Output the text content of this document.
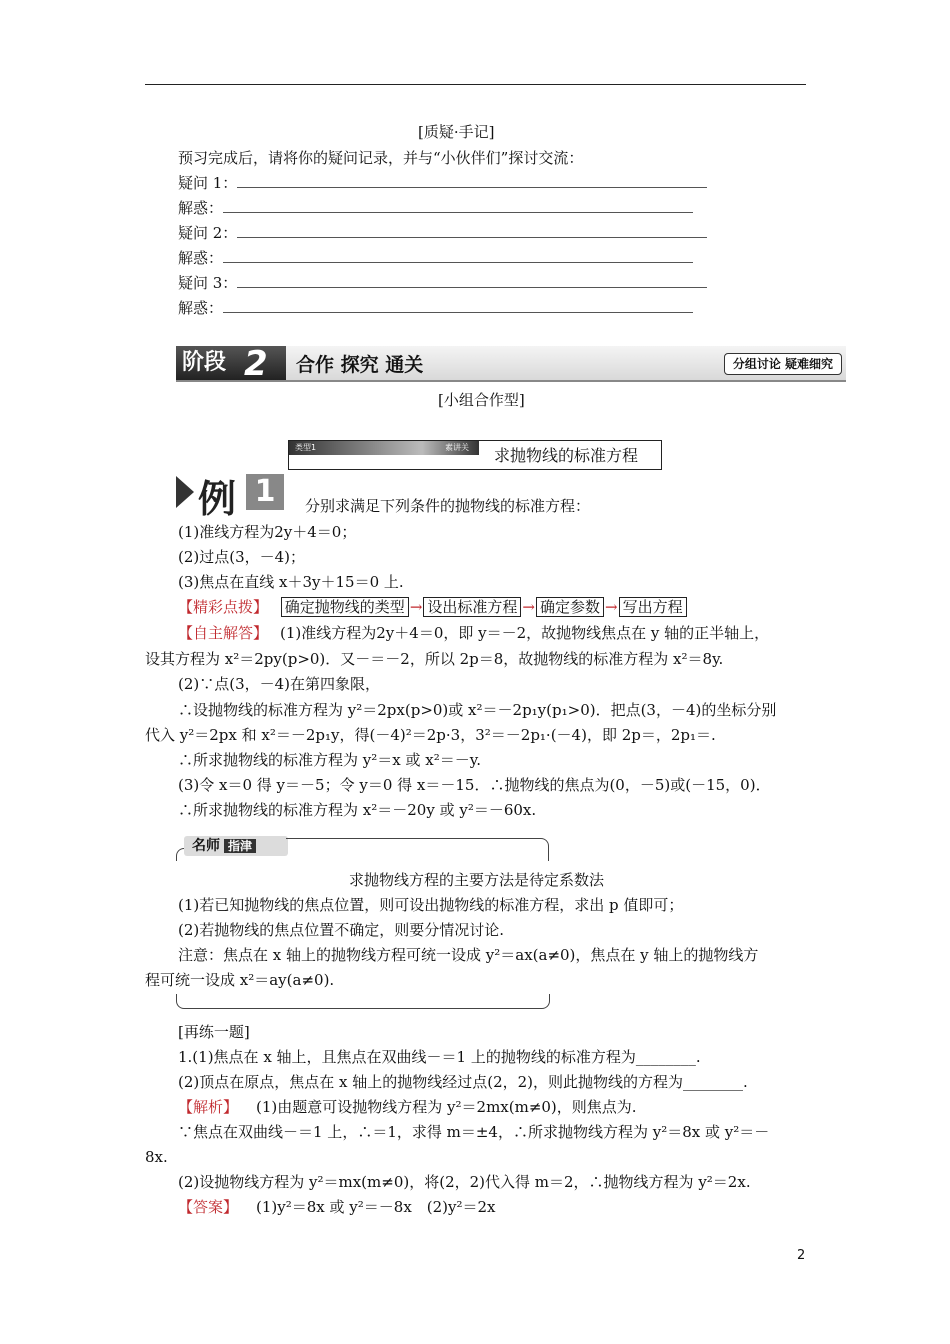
[质疑·手记]
预习完成后，请将你的疑问记录，并与“小伙伴们”探讨交流：
疑问 1：
解惑：
疑问 2：
解惑：
疑问 3：
解惑：
阶段 2 合作 探究 通关	分组讨论 疑难细究
[小组合作型]
类型1	素讲关 求抛物线的标准方程
例 1	分别求满足下列条件的抛物线的标准方程：
(1)准线方程为2y＋4＝0；
(2)过点(3，－4)；
(3)焦点在直线 x＋3y＋15＝0 上.
【精彩点拨】 确定抛物线的类型 → 设出标准方程 → 确定参数 → 写出方程
【自主解答】 (1)准线方程为2y＋4＝0，即 y＝－2，故抛物线焦点在 y 轴的正半轴上，
设其方程为 x²＝2py(p>0)．又－＝－2，所以 2p＝8，故抛物线的标准方程为 x²＝8y.
(2)∵点(3，－4)在第四象限，
∴设抛物线的标准方程为 y²＝2px(p>0)或 x²＝－2p₁y(p₁>0)．把点(3，－4)的坐标分别
代入 y²＝2px 和 x²＝－2p₁y，得(－4)²＝2p·3，3²＝－2p₁·(－4)，即 2p＝，2p₁＝.
∴所求抛物线的标准方程为 y²＝x 或 x²＝－y.
(3)令 x＝0 得 y＝－5；令 y＝0 得 x＝－15．∴抛物线的焦点为(0，－5)或(－15，0)．
∴所求抛物线的标准方程为 x²＝－20y 或 y²＝－60x.
名师 指津
求抛物线方程的主要方法是待定系数法
(1)若已知抛物线的焦点位置，则可设出抛物线的标准方程，求出 p 值即可；
(2)若抛物线的焦点位置不确定，则要分情况讨论.
注意：焦点在 x 轴上的抛物线方程可统一设成 y²＝ax(a≠0)，焦点在 y 轴上的抛物线方
程可统一设成 x²＝ay(a≠0).
[再练一题]
1.(1)焦点在 x 轴上，且焦点在双曲线－＝1 上的抛物线的标准方程为________.
(2)顶点在原点，焦点在 x 轴上的抛物线经过点(2，2)，则此抛物线的方程为________.
【解析】 (1)由题意可设抛物线方程为 y²＝2mx(m≠0)，则焦点为.
∵焦点在双曲线－＝1 上，∴＝1，求得 m＝±4，∴所求抛物线方程为 y²＝8x 或 y²＝－
8x.
(2)设抛物线方程为 y²＝mx(m≠0)，将(2，2)代入得 m＝2，∴抛物线方程为 y²＝2x.
【答案】 (1)y²＝8x 或 y²＝－8x　(2)y²＝2x
2
